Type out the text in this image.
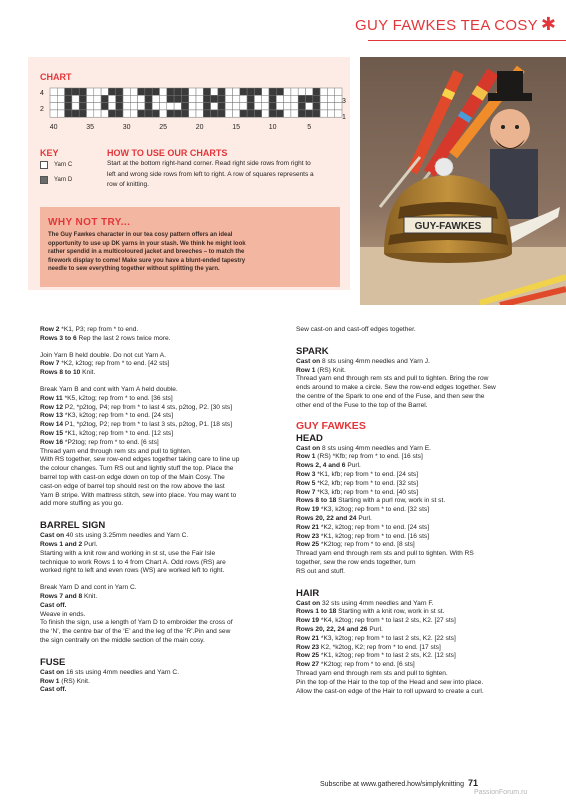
GUY FAWKES TEA COSY ✱
CHART
4
2
3
1
40	35	30	25	20	15	10	5
KEY
Yarn C
Yarn D
HOW TO USE OUR CHARTS
Start at the bottom right-hand corner. Read right side rows from right to
left and wrong side rows from left to right. A row of squares represents a
row of knitting.
WHY NOT TRY...
The Guy Fawkes character in our tea cosy pattern offers an ideal
opportunity to use up DK yarns in your stash. We think he might look
rather spendid in a multicoloured jacket and breeches – to match the
firework display to come! Make sure you have a blunt-ended tapestry
needle to sew everything together without splitting the yarn.
GUY-FAWKES

Row 2 *K1, P3; rep from * to end.

Rows 3 to 6 Rep the last 2 rows twice more.

Join Yarn B held double. Do not cut Yarn A.

Row 7 *K2, k2tog; rep from * to end. [42 sts]

Rows 8 to 10 Knit.

Break Yarn B and cont with Yarn A held double.

Row 11 *K5, k2tog; rep from * to end. [36 sts]

Row 12 P2, *p2tog, P4; rep from * to last 4 sts, p2tog, P2. [30 sts]

Row 13 *K3, k2tog; rep from * to end. [24 sts]

Row 14 P1, *p2tog, P2; rep from * to last 3 sts, p2tog, P1. [18 sts]

Row 15 *K1, k2tog; rep from * to end. [12 sts]

Row 16 *P2tog; rep from * to end. [6 sts]

Thread yarn end through rem sts and pull to tighten.

With RS together, sew row-end edges together taking care to line up

the colour changes. Turn RS out and lightly stuff the top. Place the

barrel top with cast-on edge down on top of the Main Cosy. The

cast-on edge of barrel top should rest on the row above the last

Yarn B stripe. With mattress stitch, sew into place. You may want to

add more stuffing as you go.

BARREL SIGN

Cast on 40 sts using 3.25mm needles and Yarn C.

Rows 1 and 2 Purl.

Starting with a knit row and working in st st, use the Fair Isle

technique to work Rows 1 to 4 from Chart A. Odd rows (RS) are

worked right to left and even rows (WS) are worked left to right.

Break Yarn D and cont in Yarn C.

Rows 7 and 8 Knit.

Cast off.

Weave in ends.

To finish the sign, use a length of Yarn D to embroider the cross of

the ‘N’, the centre bar of the ‘E’ and the leg of the ‘R’.Pin and sew

the sign centrally on the middle section of the main cosy.

FUSE

Cast on 16 sts using 4mm needles and Yarn C.

Row 1 (RS) Knit.

Cast off.

Sew cast-on and cast-off edges together.

SPARK

Cast on 8 sts using 4mm needles and Yarn J.

Row 1 (RS) Knit.

Thread yarn end through rem sts and pull to tighten. Bring the row

ends around to make a circle. Sew the row-end edges together. Sew

the centre of the Spark to one end of the Fuse, and then sew the

other end of the Fuse to the top of the Barrel.

GUY FAWKES

HEAD

Cast on 8 sts using 4mm needles and Yarn E.

Row 1 (RS) *Kfb; rep from * to end. [16 sts]

Rows 2, 4 and 6 Purl.

Row 3 *K1, kfb; rep from * to end. [24 sts]

Row 5 *K2, kfb; rep from * to end. [32 sts]

Row 7 *K3, kfb; rep from * to end. [40 sts]

Rows 8 to 18 Starting with a purl row, work in st st.

Row 19 *K3, k2tog; rep from * to end. [32 sts]

Rows 20, 22 and 24 Purl.

Row 21 *K2, k2tog; rep from * to end. [24 sts]

Row 23 *K1, k2tog; rep from * to end. [16 sts]

Row 25 *K2tog; rep from * to end. [8 sts]

Thread yarn end through rem sts and pull to tighten. With RS

together, sew the row ends together, turn

RS out and stuff.

HAIR

Cast on 32 sts using 4mm needles and Yarn F.

Rows 1 to 18 Starting with a knit row, work in st st.

Row 19 *K4, k2tog; rep from * to last 2 sts, K2. [27 sts]

Rows 20, 22, 24 and 26 Purl.

Row 21 *K3, k2tog; rep from * to last 2 sts, K2. [22 sts]

Row 23 K2, *k2tog, K2; rep from * to end. [17 sts]

Row 25 *K1, k2tog; rep from * to last 2 sts, K2. [12 sts]

Row 27 *K2tog; rep from * to end. [6 sts]

Thread yarn end through rem sts and pull to tighten.

Pin the top of the Hair to the top of the Head and sew into place.

Allow the cast-on edge of the Hair to roll upward to create a curl.

Subscribe at www.gathered.how/simplyknitting 71
PassionForum.ru
